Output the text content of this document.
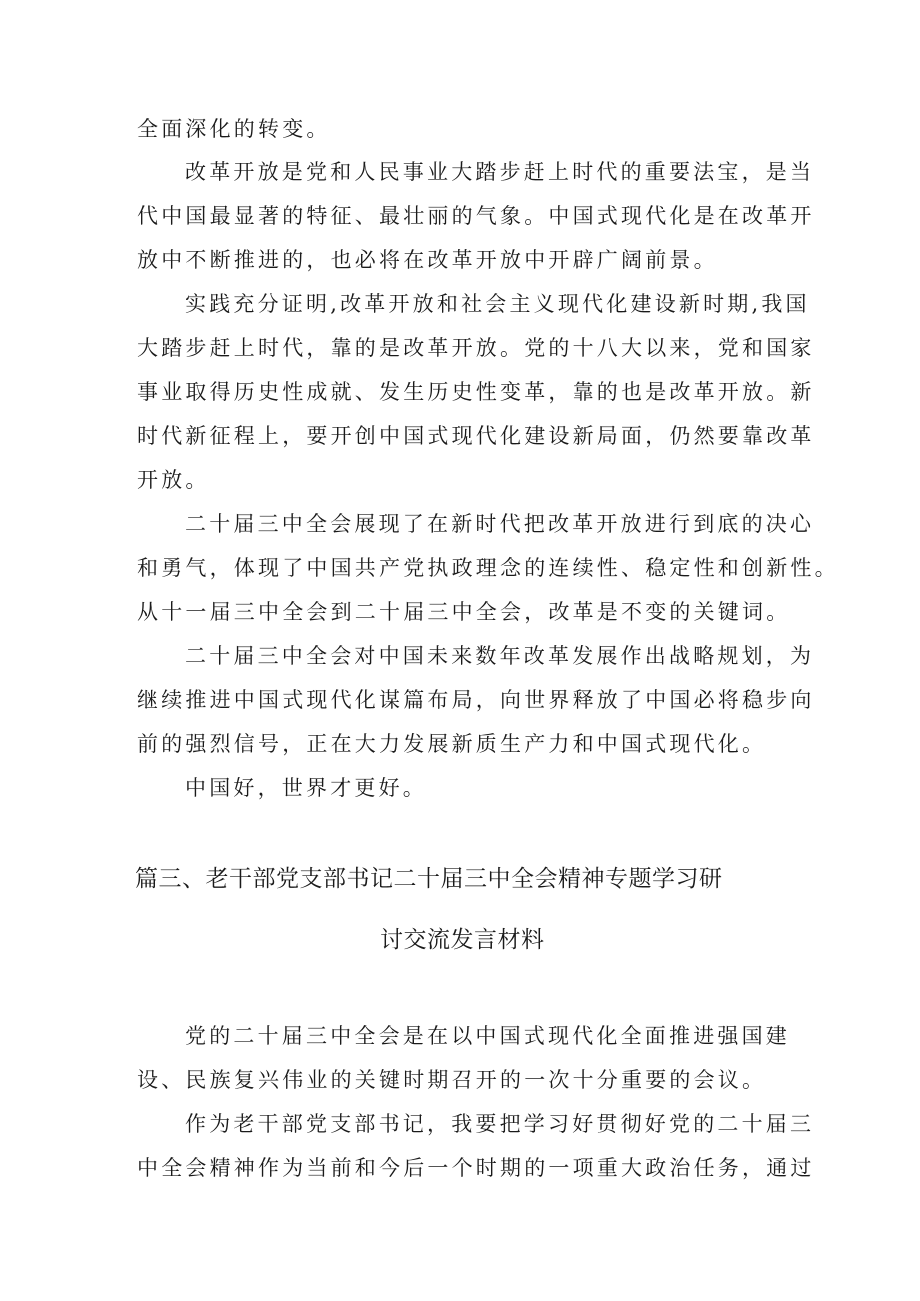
全面深化的转变。

改革开放是党和人民事业大踏步赶上时代的重要法宝，是当

代中国最显著的特征、最壮丽的气象。中国式现代化是在改革开

放中不断推进的，也必将在改革开放中开辟广阔前景。

实践充分证明,改革开放和社会主义现代化建设新时期,我国

大踏步赶上时代，靠的是改革开放。党的十八大以来，党和国家

事业取得历史性成就、发生历史性变革，靠的也是改革开放。新

时代新征程上，要开创中国式现代化建设新局面，仍然要靠改革

开放。

二十届三中全会展现了在新时代把改革开放进行到底的决心

和勇气，体现了中国共产党执政理念的连续性、稳定性和创新性。

从十一届三中全会到二十届三中全会，改革是不变的关键词。

二十届三中全会对中国未来数年改革发展作出战略规划，为

继续推进中国式现代化谋篇布局，向世界释放了中国必将稳步向

前的强烈信号，正在大力发展新质生产力和中国式现代化。

中国好，世界才更好。

篇三、老干部党支部书记二十届三中全会精神专题学习研
讨交流发言材料

党的二十届三中全会是在以中国式现代化全面推进强国建

设、民族复兴伟业的关键时期召开的一次十分重要的会议。

作为老干部党支部书记，我要把学习好贯彻好党的二十届三

中全会精神作为当前和今后一个时期的一项重大政治任务，通过
